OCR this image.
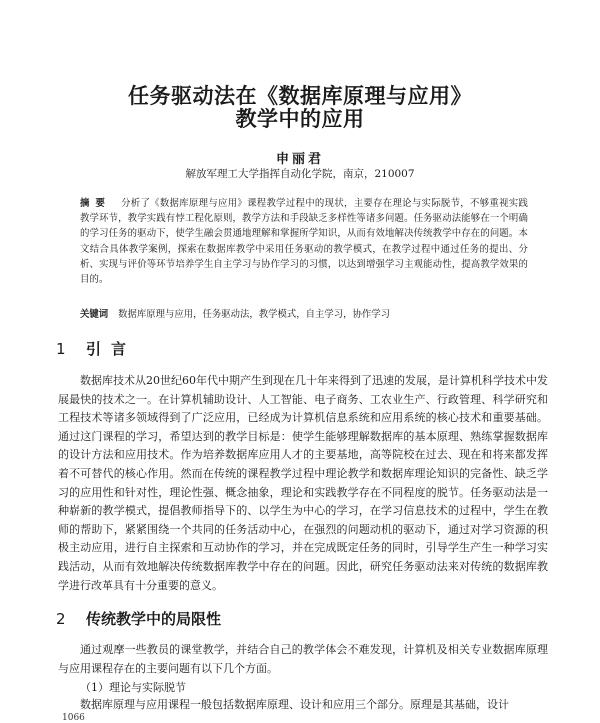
任务驱动法在《数据库原理与应用》
教学中的应用
申丽君
解放军理工大学指挥自动化学院，南京，210007
摘要 分析了《数据库原理与应用》课程教学过程中的现状，主要存在理论与实际脱节，不够重视实践教学环节，教学实践有悖工程化原则，教学方法和手段缺乏多样性等诸多问题。任务驱动法能够在一个明确的学习任务的驱动下，使学生融会贯通地理解和掌握所学知识，从而有效地解决传统教学中存在的问题。本文结合具体教学案例，探索在数据库教学中采用任务驱动的教学模式，在教学过程中通过任务的提出、分析、实现与评价等环节培养学生自主学习与协作学习的习惯，以达到增强学习主观能动性，提高教学效果的目的。
关键词 数据库原理与应用，任务驱动法，教学模式，自主学习，协作学习
1 引言

数据库技术从20世纪60年代中期产生到现在几十年来得到了迅速的发展，是计算机科学技术中发展最快的技术之一。在计算机辅助设计、人工智能、电子商务、工农业生产、行政管理、科学研究和工程技术等诸多领域得到了广泛应用，已经成为计算机信息系统和应用系统的核心技术和重要基础。通过这门课程的学习，希望达到的教学目标是：使学生能够理解数据库的基本原理、熟练掌握数据库的设计方法和应用技术。作为培养数据库应用人才的主要基地，高等院校在过去、现在和将来都发挥着不可替代的核心作用。然而在传统的课程教学过程中理论教学和数据库理论知识的完备性、缺乏学习的应用性和针对性，理论性强、概念抽象，理论和实践教学存在不同程度的脱节。任务驱动法是一种崭新的教学模式，提倡教师指导下的、以学生为中心的学习，在学习信息技术的过程中，学生在教师的帮助下，紧紧围绕一个共同的任务活动中心，在强烈的问题动机的驱动下，通过对学习资源的积极主动应用，进行自主探索和互动协作的学习，并在完成既定任务的同时，引导学生产生一种学习实践活动，从而有效地解决传统数据库教学中存在的问题。因此，研究任务驱动法来对传统的数据库教学进行改革具有十分重要的意义。

2 传统教学中的局限性

通过观摩一些教员的课堂教学，并结合自己的教学体会不难发现，计算机及相关专业数据库原理与应用课程存在的主要问题有以下几个方面。

（1）理论与实际脱节

数据库原理与应用课程一般包括数据库原理、设计和应用三个部分。原理是其基础，设计

1066
